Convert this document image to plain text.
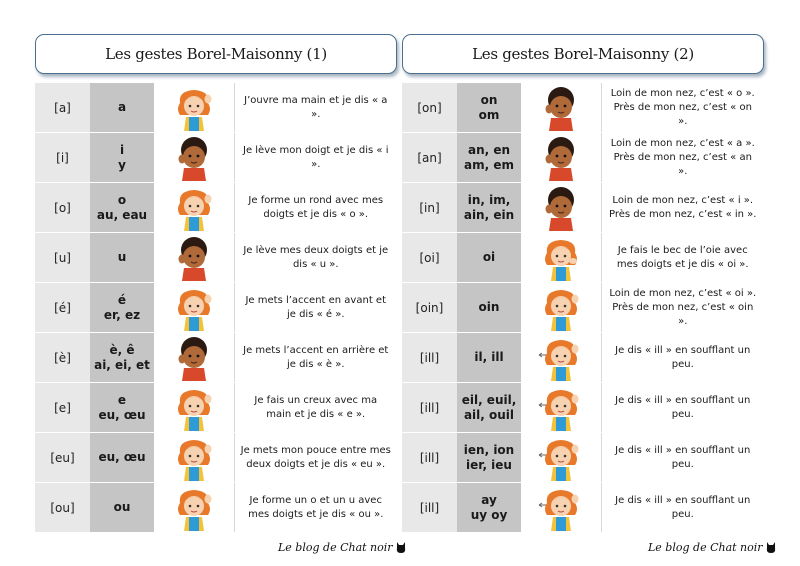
Les gestes Borel-Maisonny (1)
[a]	a		J’ouvre ma main et je dis « a ».
[i]	i
y		Je lève mon doigt et je dis « i ».
[o]	o
au, eau		Je forme un rond avec mes doigts et je dis « o ».
[u]	u		Je lève mes deux doigts et je dis « u ».
[é]	é
er, ez		Je mets l’accent en avant et je dis « é ».
[è]	è, ê
ai, ei, et		Je mets l’accent en arrière et je dis « è ».
[e]	e
eu, œu		Je fais un creux avec ma main et je dis « e ».
[eu]	eu, œu		Je mets mon pouce entre mes deux doigts et je dis « eu ».
[ou]	ou		Je forme un o et un u avec mes doigts et je dis « ou ».
Les gestes Borel-Maisonny (2)
[on]	on
om		Loin de mon nez, c’est « o ». Près de mon nez, c’est « on ».
[an]	an, en
am, em		Loin de mon nez, c’est « a ». Près de mon nez, c’est « an ».
[in]	in, im,
ain, ein		Loin de mon nez, c’est « i ». Près de mon nez, c’est « in ».
[oi]	oi		Je fais le bec de l’oie avec mes doigts et je dis « oi ».
[oin]	oin		Loin de mon nez, c’est « oi ». Près de mon nez, c’est « oin ».
[ill]	il, ill		Je dis « ill » en soufflant un peu.
[ill]	eil, euil,
ail, ouil		Je dis « ill » en soufflant un peu.
[ill]	ien, ion
ier, ieu		Je dis « ill » en soufflant un peu.
[ill]	ay
uy oy		Je dis « ill » en soufflant un peu.
Le blog de Chat noir	Le blog de Chat noir
